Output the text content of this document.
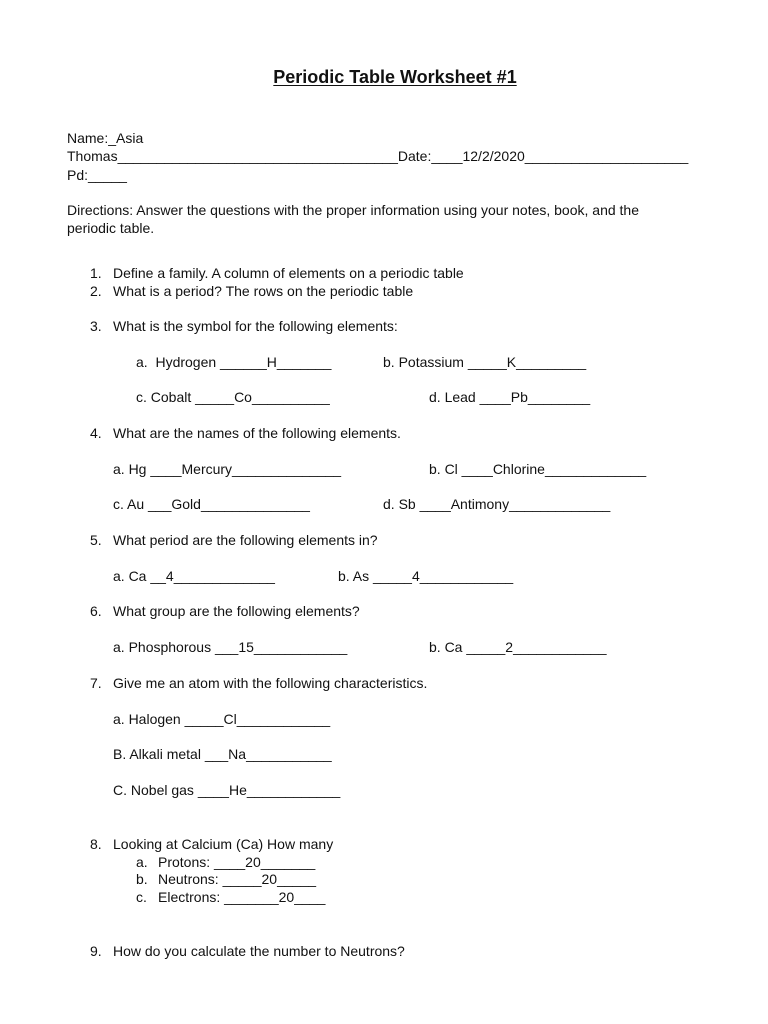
Periodic Table Worksheet #1
Name:_Asia
Thomas____________________________________Date:____12/2/2020_____________________
Pd:_____
Directions: Answer the questions with the proper information using your notes, book, and the
periodic table.
1. Define a family. A column of elements on a periodic table
2. What is a period? The rows on the periodic table
3. What is the symbol for the following elements:
a.  Hydrogen ______H_______	b. Potassium _____K_________
c. Cobalt _____Co__________	d. Lead ____Pb________
4. What are the names of the following elements.
a. Hg ____Mercury______________	b. Cl ____Chlorine_____________
c. Au ___Gold______________	d. Sb ____Antimony_____________
5. What period are the following elements in?
a. Ca __4_____________	b. As _____4____________
6. What group are the following elements?
a. Phosphorous ___15____________	b. Ca _____2____________
7. Give me an atom with the following characteristics.
a. Halogen _____Cl____________
B. Alkali metal ___Na___________
C. Nobel gas ____He____________
8. Looking at Calcium (Ca) How many
a. Protons: ____20_______
b. Neutrons: _____20_____
c. Electrons: _______20____
9. How do you calculate the number to Neutrons?
